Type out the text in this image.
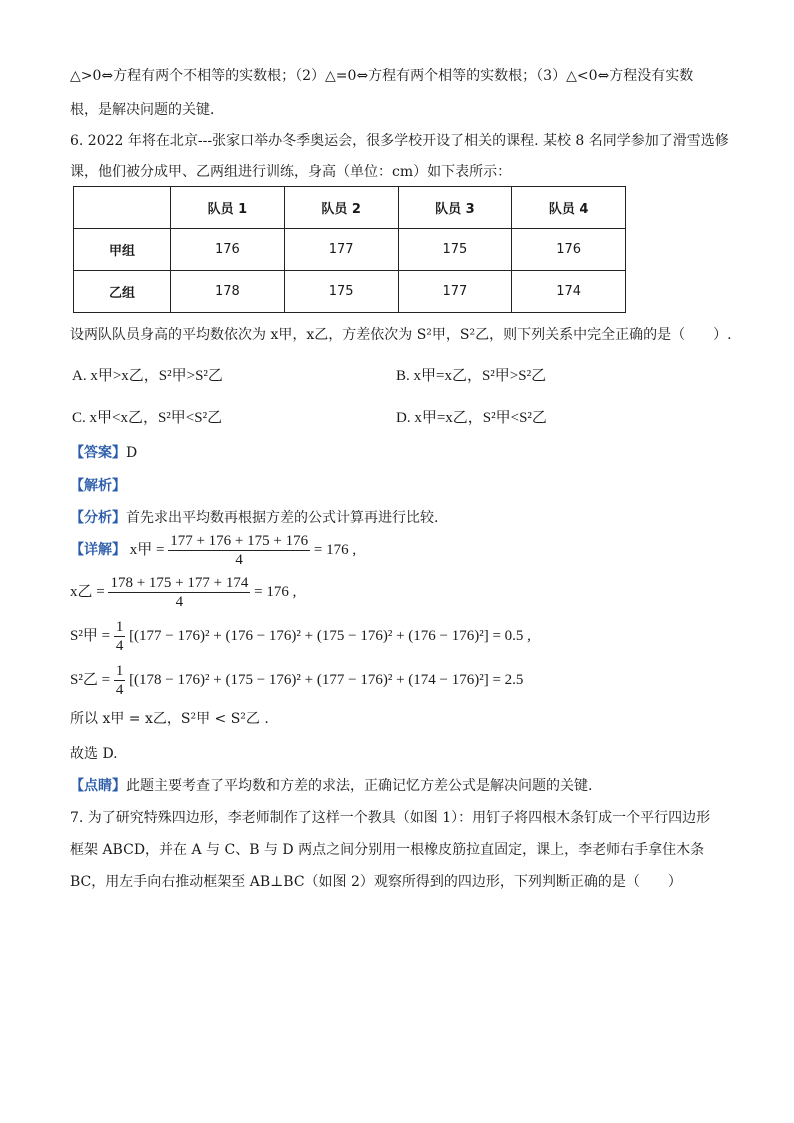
△>0⇔方程有两个不相等的实数根；（2）△=0⇔方程有两个相等的实数根；（3）△<0⇔方程没有实数
根，是解决问题的关键．
6. 2022 年将在北京---张家口举办冬季奥运会，很多学校开设了相关的课程. 某校 8 名同学参加了滑雪选修
课，他们被分成甲、乙两组进行训练，身高（单位：cm）如下表所示：
	队员 1	队员 2	队员 3	队员 4
甲组	176	177	175	176
乙组	178	175	177	174
设两队队员身高的平均数依次为 x甲，x乙，方差依次为 S²甲，S²乙，则下列关系中完全正确的是（　　）.
A. x甲>x乙，S²甲>S²乙	B. x甲=x乙，S²甲>S²乙
C. x甲<x乙，S²甲<S²乙	D. x甲=x乙，S²甲<S²乙
【答案】D
【解析】
【分析】首先求出平均数再根据方差的公式计算再进行比较.
【详解】 x甲 = $\frac{177 + 176 + 175 + 176}{4} = 176$ ,
x乙 = $\frac{178 + 175 + 177 + 174}{4} = 176$ ,
S²甲 = $\frac{1}{4} [(177 - 176)^2 + (176 - 176)^2 + (175 - 176)^2 + (176 - 176)^2] = 0.5$ ,
S²乙 = $\frac{1}{4} [(178 - 176)^2 + (175 - 176)^2 + (177 - 176)^2 + (174 - 176)^2] = 2.5$
所以 x甲 = x乙，S²甲 < S²乙 .
故选 D.
【点睛】此题主要考查了平均数和方差的求法，正确记忆方差公式是解决问题的关键.
7. 为了研究特殊四边形，李老师制作了这样一个教具（如图 1）：用钉子将四根木条钉成一个平行四边形
框架 ABCD，并在 A 与 C、B 与 D 两点之间分别用一根橡皮筋拉直固定，课上，李老师右手拿住木条
BC，用左手向右推动框架至 AB⊥BC（如图 2）观察所得到的四边形，下列判断正确的是（　　）
